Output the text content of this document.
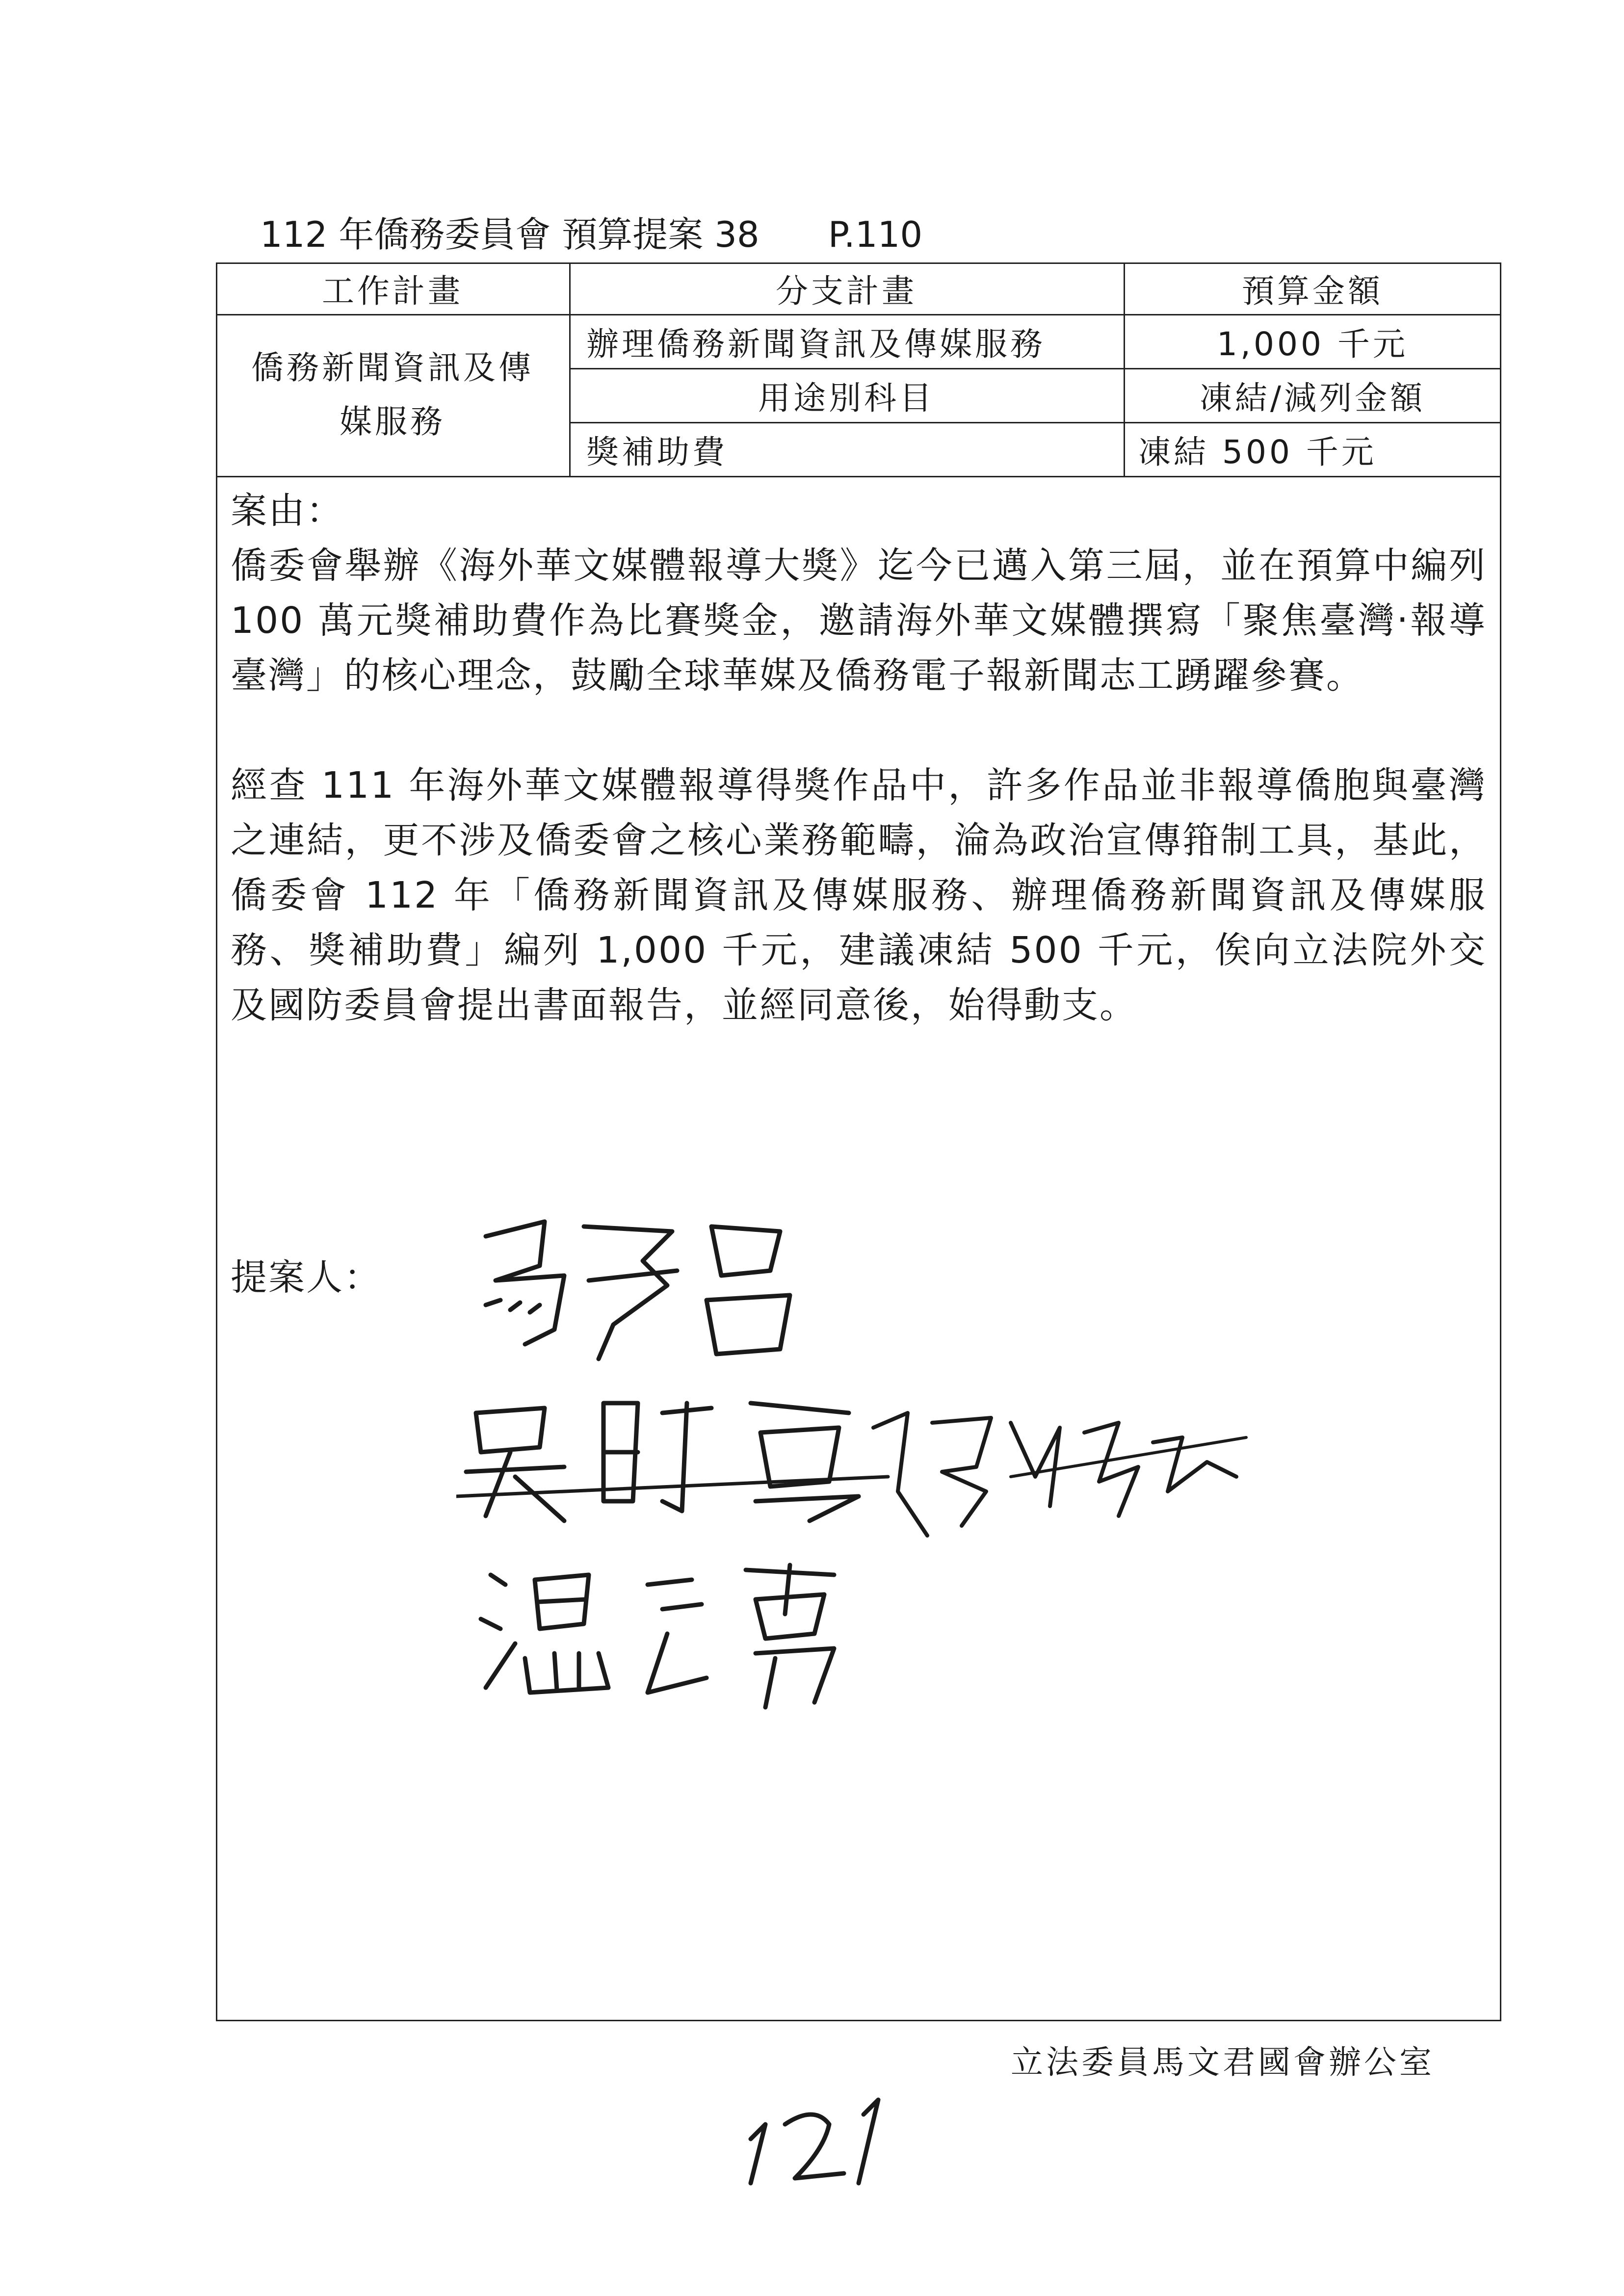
112 年僑務委員會 預算提案 38 P.110
工作計畫	分支計畫	預算金額
僑務新聞資訊及傳
媒服務
辦理僑務新聞資訊及傳媒服務	1,000 千元
用途別科目	凍結/減列金額
獎補助費	凍結 500 千元

案由：

僑委會舉辦《海外華文媒體報導大獎》迄今已邁入第三屆，並在預算中編列 100 萬元獎補助費作為比賽獎金，邀請海外華文媒體撰寫「聚焦臺灣‧報導臺灣」的核心理念，鼓勵全球華媒及僑務電子報新聞志工踴躍參賽。

經查 111 年海外華文媒體報導得獎作品中，許多作品並非報導僑胞與臺灣之連結，更不涉及僑委會之核心業務範疇，淪為政治宣傳箝制工具，基此，僑委會 112 年「僑務新聞資訊及傳媒服務、辦理僑務新聞資訊及傳媒服務、獎補助費」編列 1,000 千元，建議凍結 500 千元，俟向立法院外交及國防委員會提出書面報告，並經同意後，始得動支。

提案人：
立法委員馬文君國會辦公室
